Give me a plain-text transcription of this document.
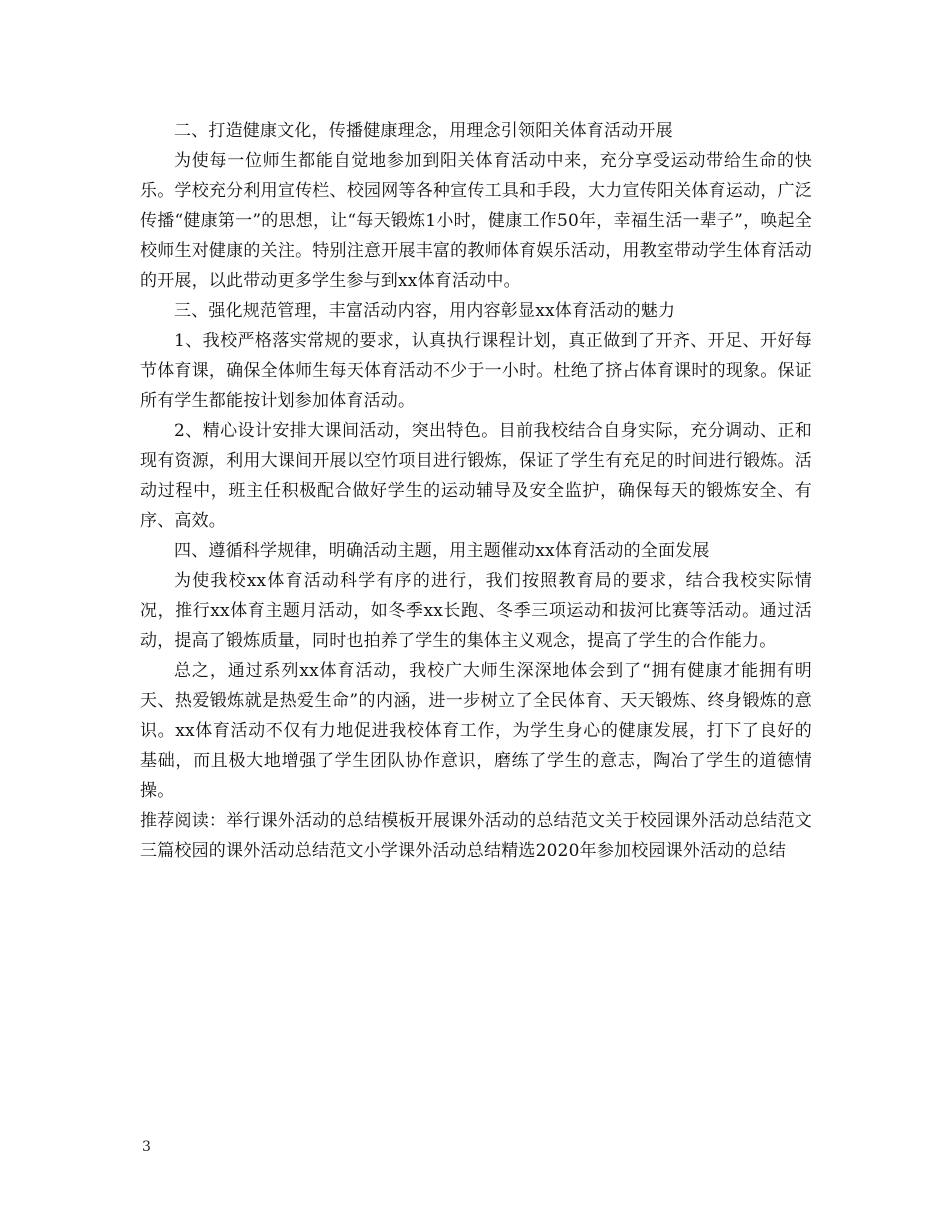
二、打造健康文化，传播健康理念，用理念引领阳关体育活动开展

为使每一位师生都能自觉地参加到阳关体育活动中来，充分享受运动带给生命的快乐。学校充分利用宣传栏、校园网等各种宣传工具和手段，大力宣传阳关体育运动，广泛传播“健康第一”的思想，让“每天锻炼1小时，健康工作50年，幸福生活一辈子”，唤起全校师生对健康的关注。特别注意开展丰富的教师体育娱乐活动，用教室带动学生体育活动的开展，以此带动更多学生参与到xx体育活动中。

三、强化规范管理，丰富活动内容，用内容彰显xx体育活动的魅力

1、我校严格落实常规的要求，认真执行课程计划，真正做到了开齐、开足、开好每节体育课，确保全体师生每天体育活动不少于一小时。杜绝了挤占体育课时的现象。保证所有学生都能按计划参加体育活动。

2、精心设计安排大课间活动，突出特色。目前我校结合自身实际，充分调动、正和现有资源，利用大课间开展以空竹项目进行锻炼，保证了学生有充足的时间进行锻炼。活动过程中，班主任积极配合做好学生的运动辅导及安全监护，确保每天的锻炼安全、有序、高效。

四、遵循科学规律，明确活动主题，用主题催动xx体育活动的全面发展

为使我校xx体育活动科学有序的进行，我们按照教育局的要求，结合我校实际情况，推行xx体育主题月活动，如冬季xx长跑、冬季三项运动和拔河比赛等活动。通过活动，提高了锻炼质量，同时也拍养了学生的集体主义观念，提高了学生的合作能力。

总之，通过系列xx体育活动，我校广大师生深深地体会到了“拥有健康才能拥有明天、热爱锻炼就是热爱生命”的内涵，进一步树立了全民体育、天天锻炼、终身锻炼的意识。xx体育活动不仅有力地促进我校体育工作，为学生身心的健康发展，打下了良好的基础，而且极大地增强了学生团队协作意识，磨练了学生的意志，陶冶了学生的道德情操。

推荐阅读：举行课外活动的总结模板开展课外活动的总结范文关于校园课外活动总结范文三篇校园的课外活动总结范文小学课外活动总结精选2020年参加校园课外活动的总结

3
